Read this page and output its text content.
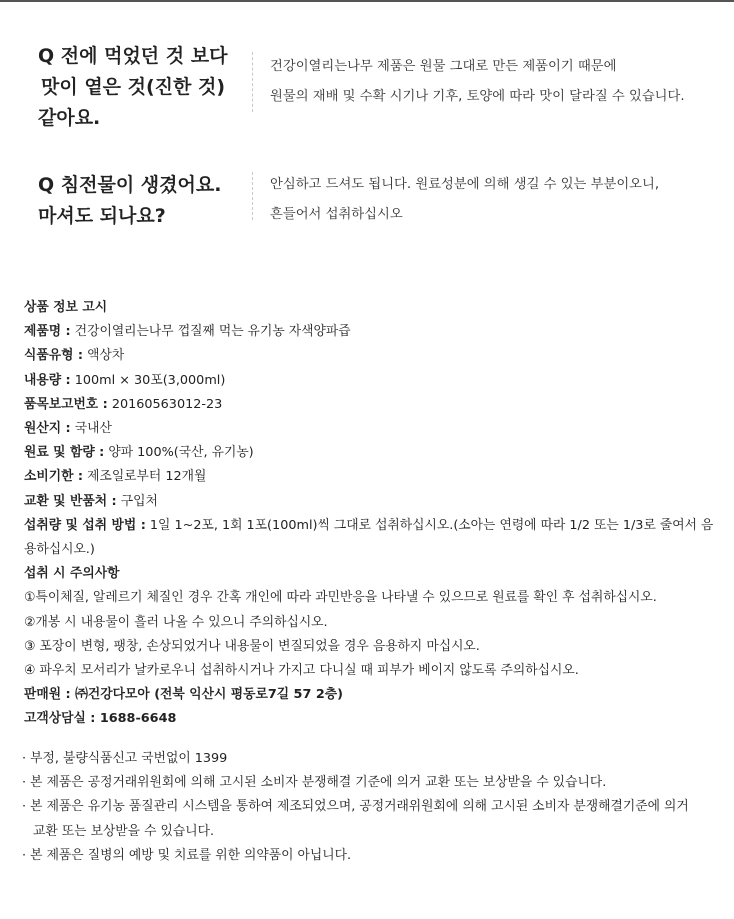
Q 전에 먹었던 것 보다
맛이 옅은 것(진한 것)
같아요.
건강이열리는나무 제품은 원물 그대로 만든 제품이기 때문에
원물의 재배 및 수확 시기나 기후, 토양에 따라 맛이 달라질 수 있습니다.
Q 침전물이 생겼어요.
마셔도 되나요?
안심하고 드셔도 됩니다. 원료성분에 의해 생길 수 있는 부분이오니,
흔들어서 섭취하십시오
상품 정보 고시
제품명 : 건강이열리는나무 껍질째 먹는 유기농 자색양파즙
식품유형 : 액상차
내용량 : 100ml × 30포(3,000ml)
품목보고번호 : 20160563012-23
원산지 : 국내산
원료 및 함량 : 양파 100%(국산, 유기농)
소비기한 : 제조일로부터 12개월
교환 및 반품처 : 구입처
섭취량 및 섭취 방법 : 1일 1~2포, 1회 1포(100ml)씩 그대로 섭취하십시오.(소아는 연령에 따라 1/2 또는 1/3로 줄여서 음용하십시오.)
섭취 시 주의사항
①특이체질, 알레르기 체질인 경우 간혹 개인에 따라 과민반응을 나타낼 수 있으므로 원료를 확인 후 섭취하십시오.
②개봉 시 내용물이 흘러 나올 수 있으니 주의하십시오.
③ 포장이 변형, 팽창, 손상되었거나 내용물이 변질되었을 경우 음용하지 마십시오.
④ 파우치 모서리가 날카로우니 섭취하시거나 가지고 다니실 때 피부가 베이지 않도록 주의하십시오.
판매원 : ㈜건강다모아 (전북 익산시 평동로7길 57 2층)
고객상담실 : 1688-6648
· 부정, 불량식품신고 국번없이 1399
· 본 제품은 공정거래위원회에 의해 고시된 소비자 분쟁해결 기준에 의거 교환 또는 보상받을 수 있습니다.
· 본 제품은 유기농 품질관리 시스템을 통하여 제조되었으며, 공정거래위원회에 의해 고시된 소비자 분쟁해결기준에 의거
교환 또는 보상받을 수 있습니다.
· 본 제품은 질병의 예방 및 치료를 위한 의약품이 아닙니다.
